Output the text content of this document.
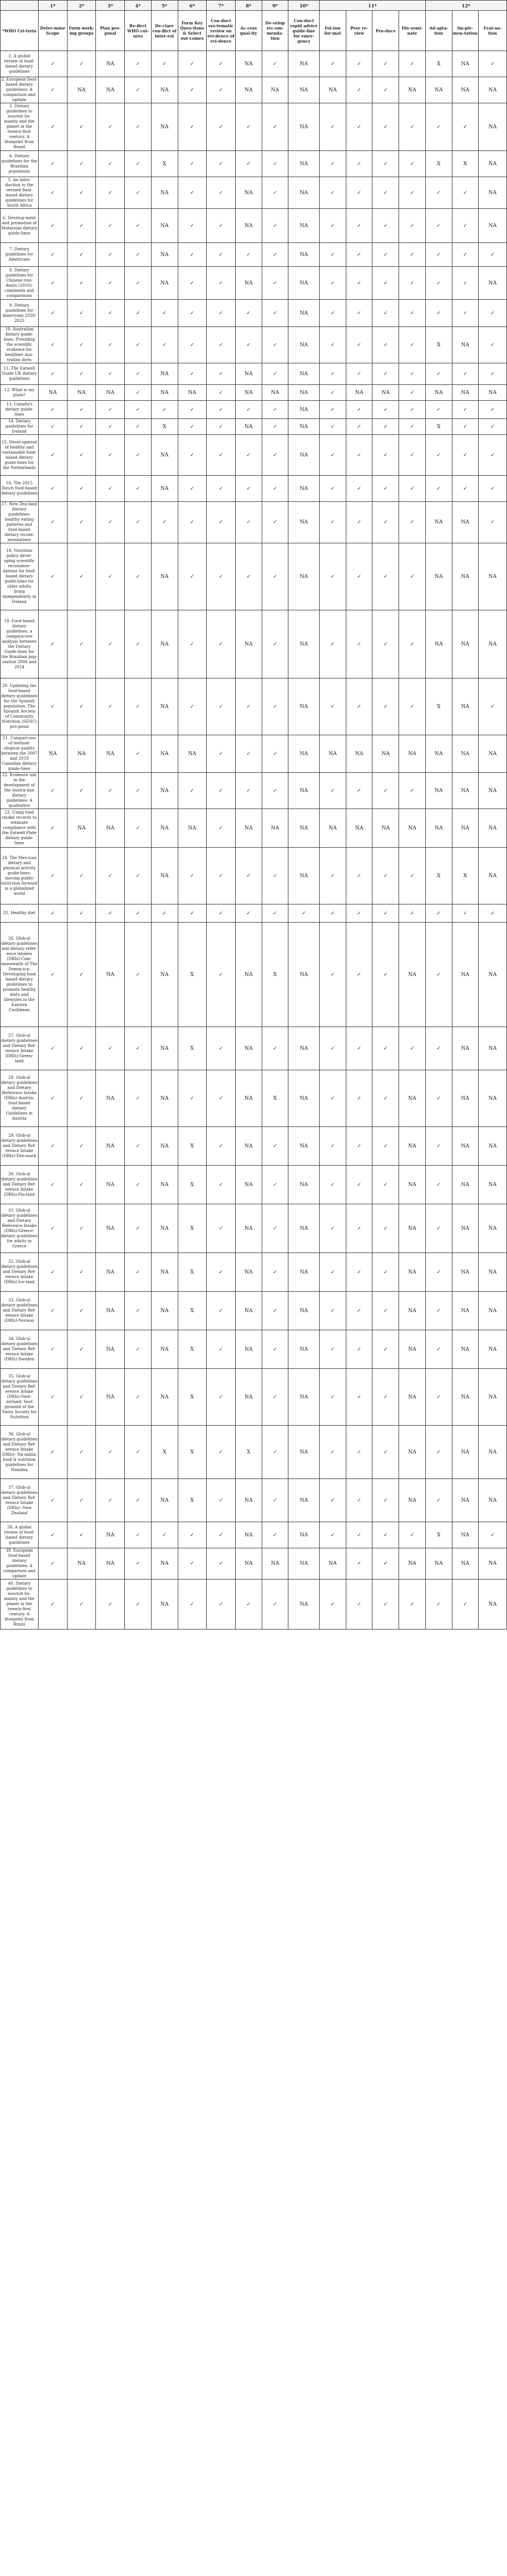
	1*	2*	3*	4*	5*	6*	7*	8*	9*	10*	11*				12*		
*WHO Cri-teria	Deter-mine Scope	Form work-ing groups	Plan pro-posal	Re-flect WHO cul-ures	De-clare con-flict of inter-est	Form Key Ques-tions & Select out-comes	Con-duct sys-tematic review on evi-dence of evi-dence	Ac-cess qual-ity	De-velop rec-om-menda-tion	Con-duct rapid advice guide-line for emer-gency	Fol-low for-mat	Peer re-view	Pro-duce	Dis-semi-nate	Ad-apta-tion	Im-ple-men-tation	Eval-ua-tion
1. A global review of food-based dietary guidelines	✓	✓	NA	✓	✓	✓	✓	NA	✓	NA	✓	✓	✓	✓	X	NA	✓
2. European food-based dietary guidelines: A comparison and update	✓	NA	NA	✓	NA	✓	✓	NA	NA	NA	NA	✓	✓	NA	NA	NA	NA
3. Dietary guidelines to nourish hu-manity and the planet in the twenty-first century. A blueprint from Brazil	✓	✓	✓	✓	NA	✓	✓	✓	✓	NA	✓	✓	✓	✓	✓	✓	NA
4. Dietary guidelines for the Brazilian population	✓	✓	✓	✓	X	✓	✓	✓	✓	NA	✓	✓	✓	✓	X	X	NA
5. An intro-duction to the revised food-based dietary guidelines for South Africa	✓	✓	✓	✓	NA	✓	✓	NA	✓	NA	✓	✓	✓	✓	✓	✓	NA
6. Develop-ment and promotion of Malaysian dietary guide-lines	✓	✓	✓	✓	NA	✓	✓	NA	✓	NA	✓	✓	✓	✓	✓	✓	NA
7. Dietary guidelines for Americans	✓	✓	✓	✓	NA	✓	✓	✓	✓	NA	✓	✓	✓	✓	✓	✓	✓
8. Dietary guidelines for Chinese resi-dents (2016): comments and comparisons	✓	✓	✓	✓	NA	✓	✓	NA	✓	NA	✓	✓	✓	✓	✓	✓	NA
9. Dietary guidelines for Americans 2020-2025	✓	✓	✓	✓	✓	✓	✓	✓	✓	NA	✓	✓	✓	✓	✓	✓	✓
10. Australian dietary guide-lines: Providing the scientific evidence for healthier Aus-tralian diets	✓	✓	✓	✓	✓	✓	✓	✓	✓	NA	✓	✓	✓	✓	X	NA	✓
11. The Eatwell Guide UK dietary guidelines	✓	✓	✓	✓	NA	✓	✓	NA	✓	NA	✓	✓	✓	✓	✓	✓	✓
12. What is my plate?	NA	NA	NA	✓	NA	NA	✓	NA	NA	NA	✓	NA	NA	✓	NA	NA	NA
13. Canada's dietary guide-lines	✓	✓	✓	✓	✓	✓	✓	✓	✓	NA	✓	✓	✓	✓	✓	✓	✓
14. Dietary guidelines for Ireland	✓	✓	✓	✓	X	✓	✓	NA	✓	NA	✓	✓	✓	✓	X	✓	✓
15. Devel-opment of healthy and sustainable food-based dietary guide-lines for the Netherlands	✓	✓	✓	✓	NA	✓	✓	✓	✓	NA	✓	✓	✓	✓	✓	✓	✓
16. The 2015 Dutch food-based dietary guidelines	✓	✓	✓	✓	NA	✓	✓	✓	✓	NA	✓	✓	✓	✓	✓	✓	✓
17. New Zea-land dietary guidelines: healthy eating patterns and food-based dietary recom-mendations	✓	✓	✓	✓	✓	✓	✓	✓	✓	NA	✓	✓	✓	✓	NA	NA	✓
18. Nutrition policy devel-oping scientific recommen-dations for food-based dietary guide-lines for older adults living independently in Ireland	✓	✓	✓	✓	NA	✓	✓	✓	✓	NA	✓	✓	✓	✓	NA	NA	NA
19. Food-based dietary guidelines: a compara-tive analysis between the Dietary Guide-lines for the Brazilian pop-ulation 2006 and 2014	✓	✓	✓	✓	NA	✓	✓	NA	✓	NA	✓	✓	✓	✓	NA	NA	NA
20. Updating the food-based dietary guidelines for the Spanish population: The Spanish Society of Community Nutrition (SENC) pro-posal	✓	✓	✓	✓	NA	✓	✓	✓	✓	NA	✓	✓	✓	✓	X	NA	✓
21. Compari-son of method-ological quality between the 2007 and 2019 Canadian dietary guide-lines	NA	NA	NA	✓	NA	NA	✓	✓	✓	NA	NA	NA	NA	NA	NA	NA	NA
22. Evidence use in the development of the Austra-lian dietary guidelines: A qualitative	✓	✓	✓	✓	NA	✓	✓	✓	✓	NA	✓	✓	✓	✓	NA	NA	NA
23. Using food intake records to estimate compliance with the Eatwell Plate dietary guide-lines	✓	NA	NA	✓	NA	NA	✓	NA	NA	NA	NA	NA	NA	NA	NA	NA	NA
24. The Mex-ican dietary and physical activity guide-lines: moving public nutri-tion forward in a globalized world	✓	✓	✓	✓	NA	✓	✓	✓	✓	NA	✓	✓	✓	✓	X	X	NA
25. Healthy diet	✓	✓	✓	✓	✓	✓	✓	✓	✓	✓	✓	✓	✓	✓	✓	✓	✓
26. Glob-al dietary guidelines and dietary refer-ence intakes (DRIs)-Com-monwealth of The Domin-ica: Developing food based dietary guidelines to promote healthy diets and lifestyles in the Eastern Caribbean	✓	✓	NA	✓	NA	X	✓	NA	X	NA	✓	✓	✓	NA	✓	NA	NA
27. Glob-al dietary guidelines and Dietary Ref-erence Intake (DRIs)-Green-land	✓	✓	✓	✓	NA	X	✓	NA	✓	NA	✓	✓	✓	✓	✓	NA	NA
28. Glob-al dietary guidelines and Dietary Reference Intake (DRIs)-Austria: food based dietary Guidelines in Austria	✓	✓	NA	✓	NA	✓	✓	NA	X	NA	✓	✓	✓	NA	✓	NA	NA
29. Glob-al dietary guidelines and Dietary Ref-erence Intake (DRIs)-Den-mark	✓	✓	NA	✓	NA	X	✓	NA	✓	NA	✓	✓	✓	NA	✓	NA	NA
30. Glob-al dietary guidelines and Dietary Ref-erence Intake (DRIs)-Fin-land	✓	✓	NA	✓	NA	X	✓	NA	✓	NA	✓	✓	✓	NA	✓	NA	NA
31. Glob-al dietary guidelines and Dietary Reference Intake (DRIs)-Greece: dietary guidelines for adults in Greece	✓	✓	NA	✓	NA	X	✓	NA	✓	NA	✓	✓	✓	NA	✓	NA	NA
32. Glob-al dietary guidelines and Dietary Ref-erence Intake (DRIs)-Ice-land	✓	✓	NA	✓	NA	X	✓	NA	✓	NA	✓	✓	✓	NA	✓	NA	NA
33. Glob-al dietary guidelines and Dietary Ref-erence Intake (DRIs)-Norway	✓	✓	NA	✓	NA	X	✓	NA	✓	NA	✓	✓	✓	NA	✓	NA	NA
34. Glob-al dietary guidelines and Dietary Ref-erence Intake (DRIs)-Sweden	✓	✓	NA	✓	NA	X	✓	NA	✓	NA	✓	✓	✓	NA	✓	NA	NA
35. Glob-al dietary guidelines and Dietary Ref-erence Intake (DRIs)-Swit-zerland: food pyramid of the Swiss Society for Nutrition	✓	✓	NA	✓	NA	X	✓	NA	✓	NA	✓	✓	✓	NA	✓	NA	NA
36. Glob-al dietary guidelines and Dietary Ref-erence Intake (DRIs)- Na-mibia: food & nutrition guidelines for Namibia	✓	✓	✓	✓	X	X	✓	X	✓	NA	✓	✓	✓	NA	✓	NA	NA
37. Glob-al dietary guidelines and Dietary Ref-erence Intake (DRIs)- New Zealand	✓	✓	✓	✓	NA	X	✓	NA	✓	NA	✓	✓	✓	NA	✓	NA	NA
38. A global review of food-based dietary guidelines	✓	✓	NA	✓	✓	✓	✓	NA	✓	NA	✓	✓	✓	✓	X	NA	✓
39. European food-based dietary guidelines: A comparison and update	✓	NA	NA	✓	NA	✓	✓	NA	NA	NA	NA	✓	✓	NA	NA	NA	NA
40. Dietary guidelines to nourish hu-manity and the planet in the twenty-first century. A blueprint from Brazil	✓	✓	✓	✓	NA	✓	✓	✓	✓	NA	✓	✓	✓	✓	✓	✓	NA
